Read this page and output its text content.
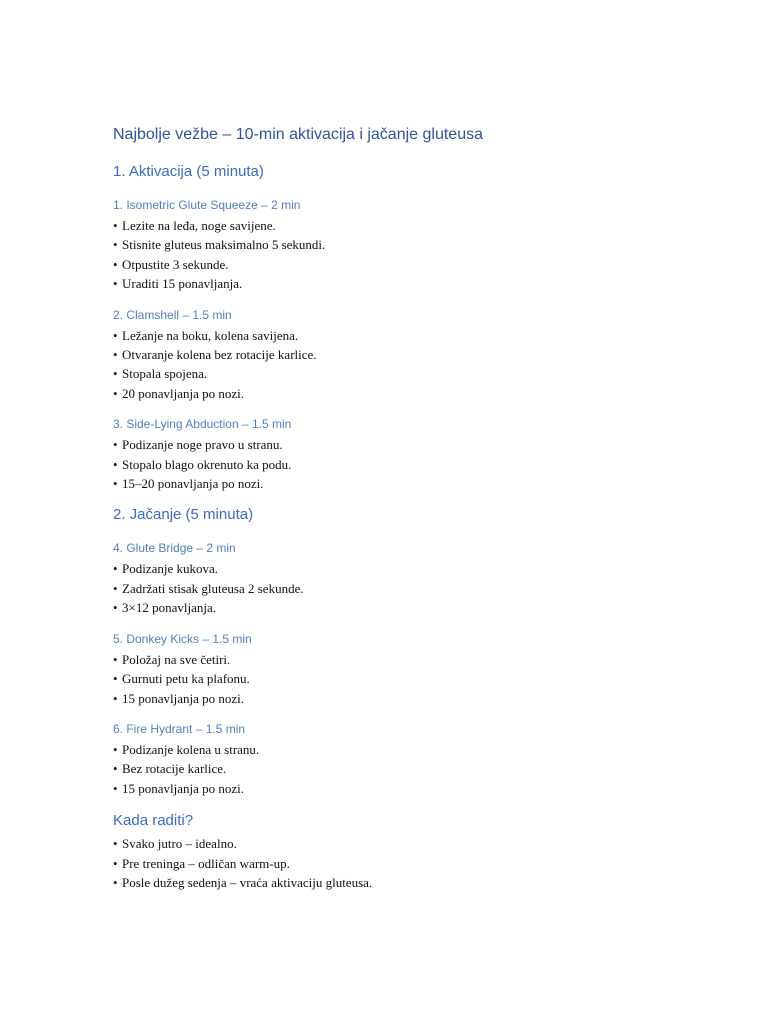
Najbolje vežbe – 10-min aktivacija i jačanje gluteusa
1. Aktivacija (5 minuta)
1. Isometric Glute Squeeze – 2 min
• Lezite na leđa, noge savijene.
• Stisnite gluteus maksimalno 5 sekundi.
• Otpustite 3 sekunde.
• Uraditi 15 ponavljanja.
2. Clamshell – 1.5 min
• Ležanje na boku, kolena savijena.
• Otvaranje kolena bez rotacije karlice.
• Stopala spojena.
• 20 ponavljanja po nozi.
3. Side-Lying Abduction – 1.5 min
• Podizanje noge pravo u stranu.
• Stopalo blago okrenuto ka podu.
• 15–20 ponavljanja po nozi.
2. Jačanje (5 minuta)
4. Glute Bridge – 2 min
• Podizanje kukova.
• Zadržati stisak gluteusa 2 sekunde.
• 3×12 ponavljanja.
5. Donkey Kicks – 1.5 min
• Položaj na sve četiri.
• Gurnuti petu ka plafonu.
• 15 ponavljanja po nozi.
6. Fire Hydrant – 1.5 min
• Podizanje kolena u stranu.
• Bez rotacije karlice.
• 15 ponavljanja po nozi.
Kada raditi?
• Svako jutro – idealno.
• Pre treninga – odličan warm-up.
• Posle dužeg sedenja – vraća aktivaciju gluteusa.
